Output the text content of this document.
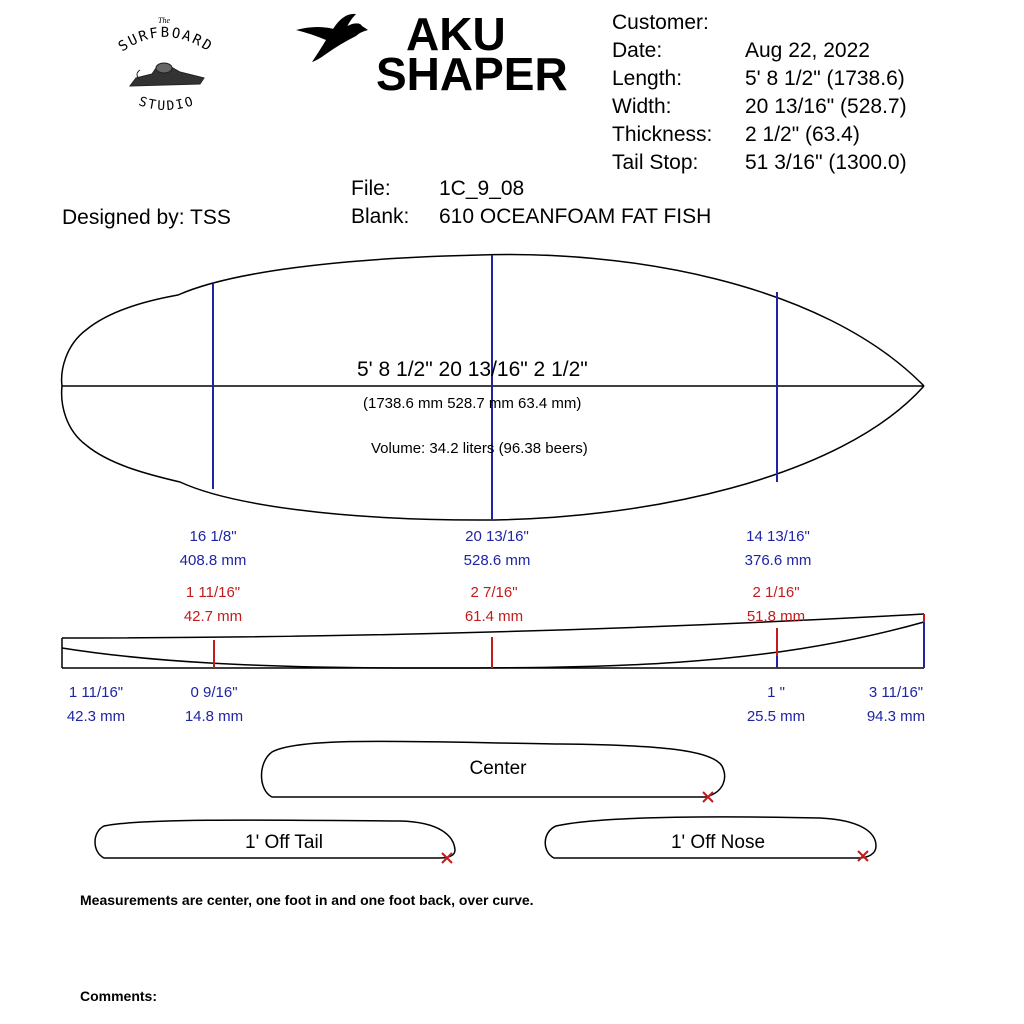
The
SURFBOARD
STUDIO
AKU
SHAPER
Customer:
Date:	Aug 22, 2022
Length:	5' 8 1/2" (1738.6)
Width:	20 13/16" (528.7)
Thickness: 2 1/2" (63.4)
Tail Stop: 51 3/16" (1300.0)
File: 1C_9_08
Blank: 610 OCEANFOAM FAT FISH
Designed by: TSS
5' 8 1/2" 20 13/16" 2 1/2"
(1738.6 mm 528.7 mm 63.4 mm)
Volume: 34.2 liters (96.38 beers)
16 1/8"
408.8 mm
20 13/16"
528.6 mm
14 13/16"
376.6 mm
1 11/16"
42.7 mm
2 7/16"
61.4 mm
2 1/16"
51.8 mm
1 11/16"
42.3 mm
0 9/16"
14.8 mm
1 "
25.5 mm
3 11/16"
94.3 mm
Center
1' Off Tail	1' Off Nose
Measurements are center, one foot in and one foot back, over curve.
Comments:
